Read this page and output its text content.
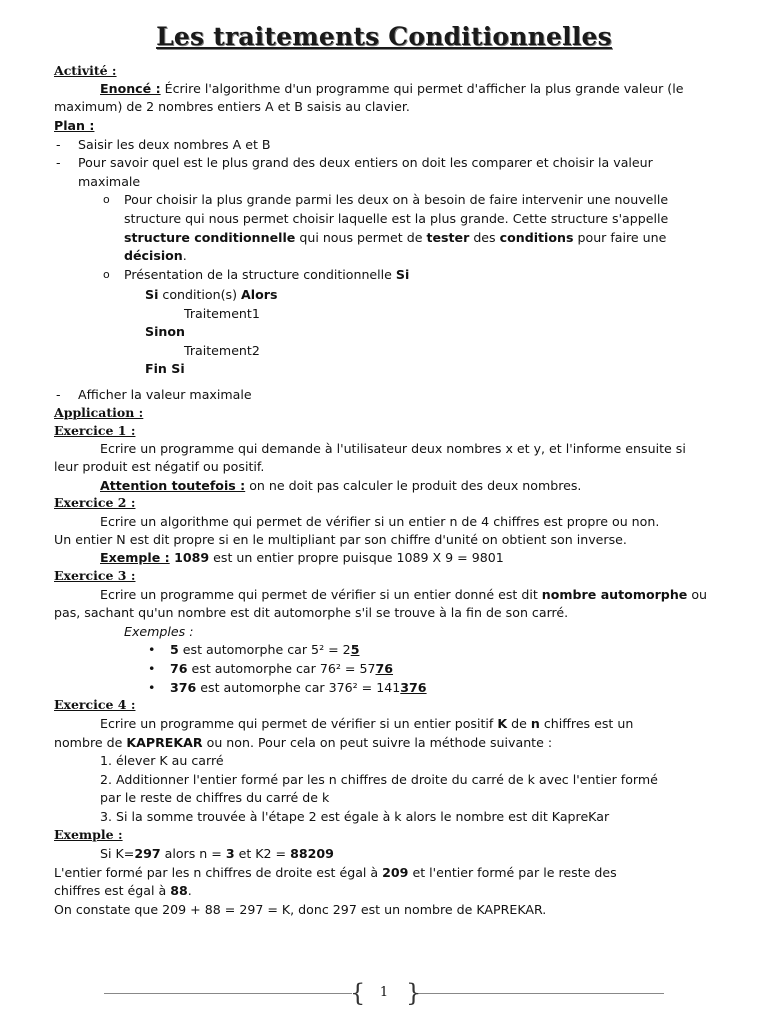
Les traitements Conditionnelles
Activité :
Enoncé : Écrire l'algorithme d'un programme qui permet d'afficher la plus grande valeur (le
maximum) de 2 nombres entiers A et B saisis au clavier.
Plan :
- Saisir les deux nombres A et B
- Pour savoir quel est le plus grand des deux entiers on doit les comparer et choisir la valeur
maximale
o Pour choisir la plus grande parmi les deux on à besoin de faire intervenir une nouvelle
structure qui nous permet choisir laquelle est la plus grande. Cette structure s'appelle
structure conditionnelle qui nous permet de tester des conditions pour faire une
décision.
o Présentation de la structure conditionnelle Si
Si condition(s) Alors
Traitement1
Sinon
Traitement2
Fin Si
- Afficher la valeur maximale
Application :
Exercice 1 :
Ecrire un programme qui demande à l'utilisateur deux nombres x et y, et l'informe ensuite si
leur produit est négatif ou positif.
Attention toutefois : on ne doit pas calculer le produit des deux nombres.
Exercice 2 :
Ecrire un algorithme qui permet de vérifier si un entier n de 4 chiffres est propre ou non.
Un entier N est dit propre si en le multipliant par son chiffre d'unité on obtient son inverse.
Exemple : 1089 est un entier propre puisque 1089 X 9 = 9801
Exercice 3 :
Ecrire un programme qui permet de vérifier si un entier donné est dit nombre automorphe ou
pas, sachant qu'un nombre est dit automorphe s'il se trouve à la fin de son carré.
Exemples :
• 5 est automorphe car 5² = 25
• 76 est automorphe car 76² = 5776
• 376 est automorphe car 376² = 141376
Exercice 4 :
Ecrire un programme qui permet de vérifier si un entier positif K de n chiffres est un
nombre de KAPREKAR ou non. Pour cela on peut suivre la méthode suivante :
1. élever K au carré
2. Additionner l'entier formé par les n chiffres de droite du carré de k avec l'entier formé
par le reste de chiffres du carré de k
3. Si la somme trouvée à l'étape 2 est égale à k alors le nombre est dit KapreKar
Exemple :
Si K=297 alors n = 3 et K2 = 88209
L'entier formé par les n chiffres de droite est égal à 209 et l'entier formé par le reste des
chiffres est égal à 88.
On constate que 209 + 88 = 297 = K, donc 297 est un nombre de KAPREKAR.
{ }
1
